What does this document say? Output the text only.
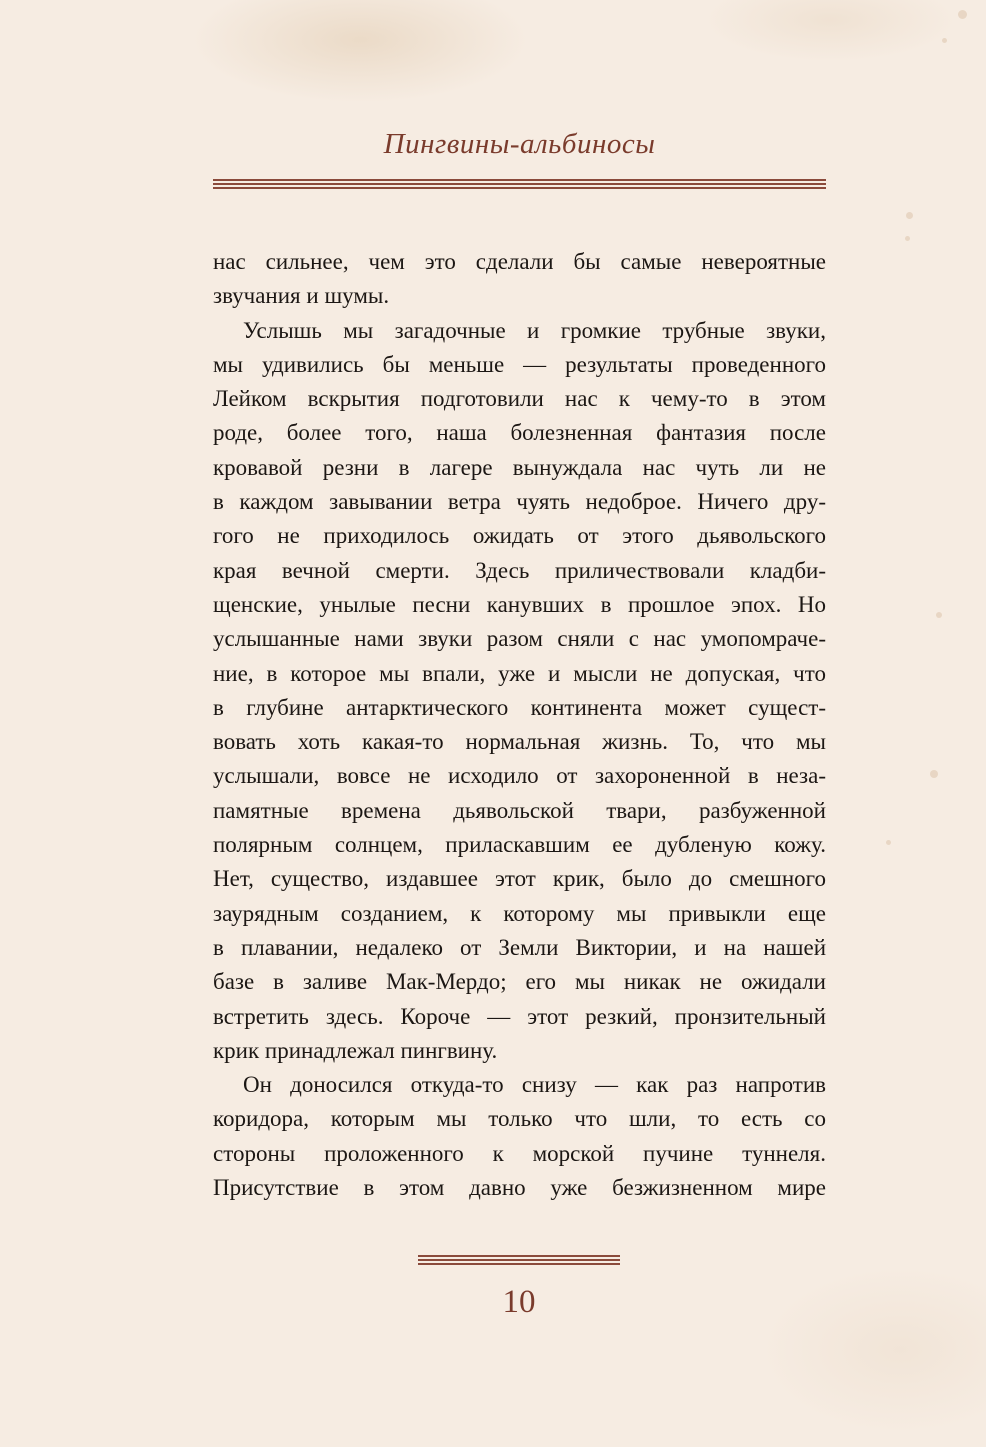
Пингвины-альбиносы
нас сильнее, чем это сделали бы самые невероятные
звучания и шумы.
Услышь мы загадочные и громкие трубные звуки,
мы удивились бы меньше — результаты проведенного
Лейком вскрытия подготовили нас к чему-то в этом
роде, более того, наша болезненная фантазия после
кровавой резни в лагере вынуждала нас чуть ли не
в каждом завывании ветра чуять недоброе. Ничего дру-
гого не приходилось ожидать от этого дьявольского
края вечной смерти. Здесь приличествовали кладби-
щенские, унылые песни канувших в прошлое эпох. Но
услышанные нами звуки разом сняли с нас умопомраче-
ние, в которое мы впали, уже и мысли не допуская, что
в глубине антарктического континента может сущест-
вовать хоть какая-то нормальная жизнь. То, что мы
услышали, вовсе не исходило от захороненной в неза-
памятные времена дьявольской твари, разбуженной
полярным солнцем, приласкавшим ее дубленую кожу.
Нет, существо, издавшее этот крик, было до смешного
заурядным созданием, к которому мы привыкли еще
в плавании, недалеко от Земли Виктории, и на нашей
базе в заливе Мак-Мердо; его мы никак не ожидали
встретить здесь. Короче — этот резкий, пронзительный
крик принадлежал пингвину.
Он доносился откуда-то снизу — как раз напротив
коридора, которым мы только что шли, то есть со
стороны проложенного к морской пучине туннеля.
Присутствие в этом давно уже безжизненном мире
10
